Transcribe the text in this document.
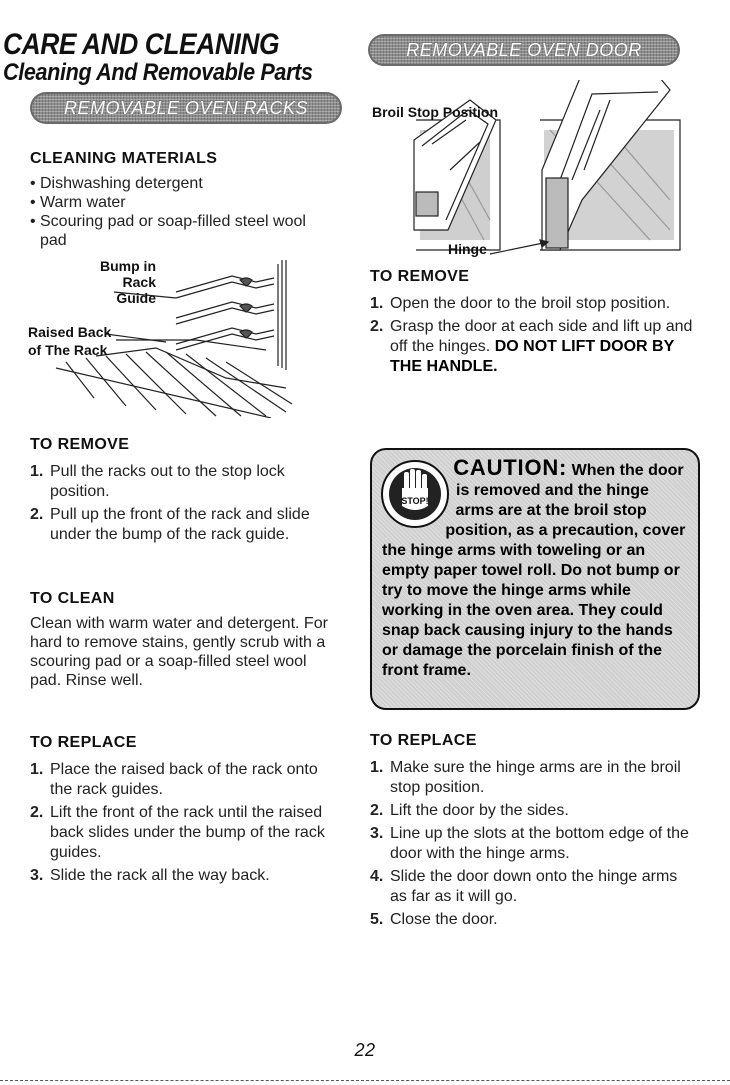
CARE AND CLEANING
Cleaning And Removable Parts
REMOVABLE OVEN RACKS
REMOVABLE OVEN DOOR
CLEANING MATERIALS
• Dishwashing detergent
• Warm water
• Scouring pad or soap-filled steel wool pad
Bump in
Rack
Guide
Raised Back
of The Rack
TO REMOVE
1. Pull the racks out to the stop lock position.
2. Pull up the front of the rack and slide under the bump of the rack guide.
TO CLEAN

Clean with warm water and detergent. For hard to remove stains, gently scrub with a scouring pad or a soap-filled steel wool pad. Rinse well.

TO REPLACE
1. Place the raised back of the rack onto the rack guides.
2. Lift the front of the rack until the raised back slides under the bump of the rack guides.
3. Slide the rack all the way back.
Broil Stop Position
Hinge
TO REMOVE
1. Open the door to the broil stop position.
2. Grasp the door at each side and lift up and off the hinges. DO NOT LIFT DOOR BY THE HANDLE.
STOP!
CAUTION: When the door is removed and the hinge arms are at the broil stop position, as a precaution, cover the hinge arms with toweling or an empty paper towel roll. Do not bump or try to move the hinge arms while working in the oven area. They could snap back causing injury to the hands or damage the porcelain finish of the front frame.
TO REPLACE
1. Make sure the hinge arms are in the broil stop position.
2. Lift the door by the sides.
3. Line up the slots at the bottom edge of the door with the hinge arms.
4. Slide the door down onto the hinge arms as far as it will go.
5. Close the door.
22
